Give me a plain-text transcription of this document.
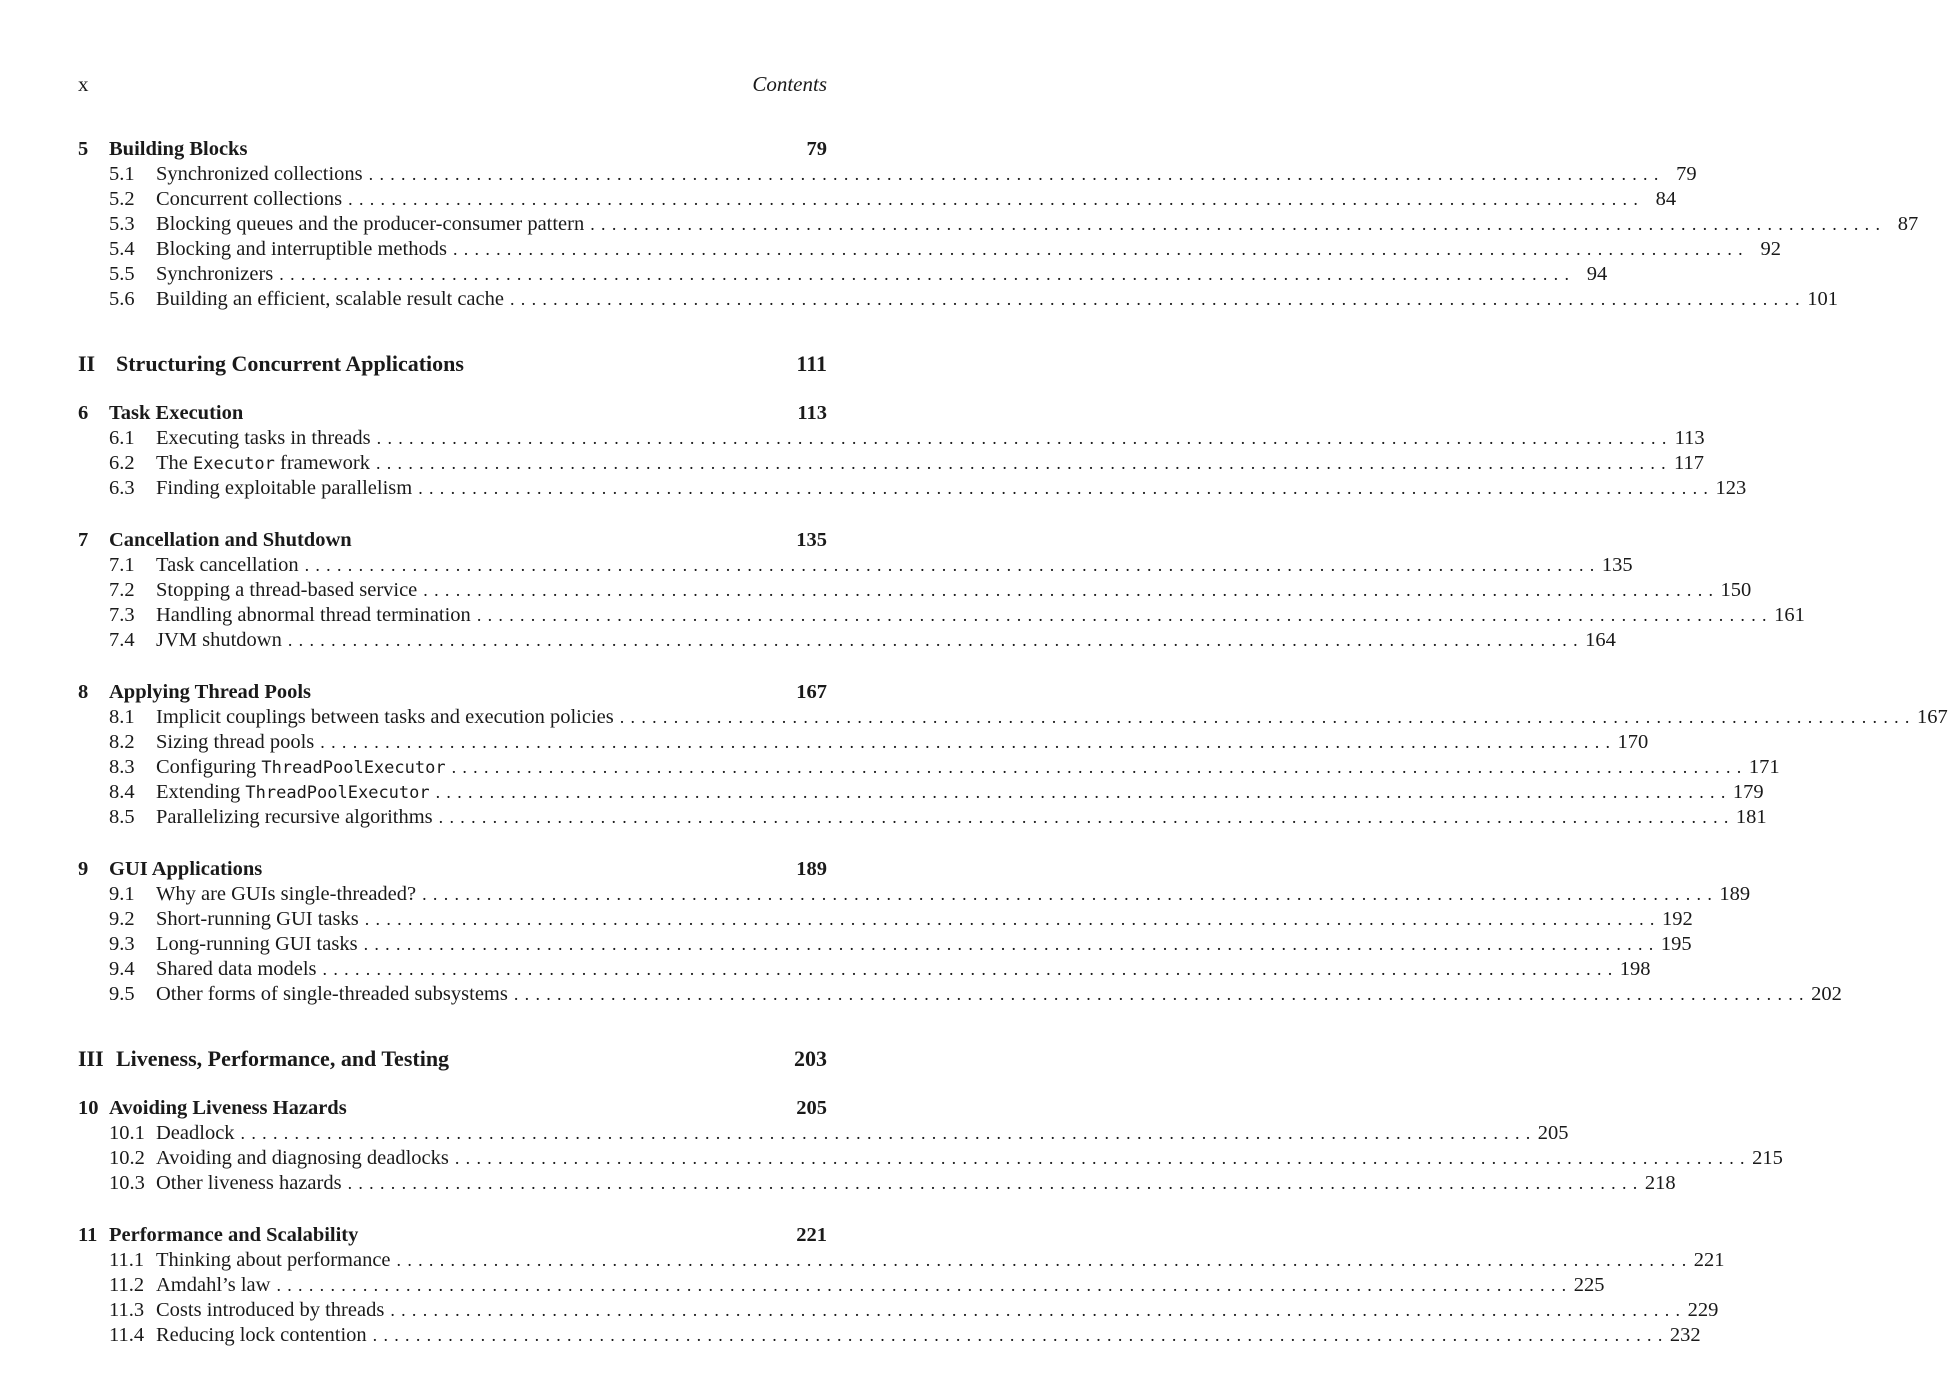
x	Contents
5	Building Blocks	79
5.1	Synchronized collections ........................................................................................................................ 79
5.2	Concurrent collections ........................................................................................................................ 84
5.3	Blocking queues and the producer-consumer pattern ........................................................................................................................ 87
5.4	Blocking and interruptible methods ........................................................................................................................ 92
5.5	Synchronizers ........................................................................................................................ 94
5.6	Building an efficient, scalable result cache ........................................................................................................................ 101
II Structuring Concurrent Applications	111
6	Task Execution	113
6.1	Executing tasks in threads ........................................................................................................................ 113
6.2	The Executor framework ........................................................................................................................ 117
6.3	Finding exploitable parallelism ........................................................................................................................ 123
7	Cancellation and Shutdown	135
7.1	Task cancellation ........................................................................................................................ 135
7.2	Stopping a thread-based service ........................................................................................................................ 150
7.3	Handling abnormal thread termination ........................................................................................................................ 161
7.4	JVM shutdown ........................................................................................................................ 164
8	Applying Thread Pools	167
8.1	Implicit couplings between tasks and execution policies ........................................................................................................................ 167
8.2	Sizing thread pools ........................................................................................................................ 170
8.3	Configuring ThreadPoolExecutor ........................................................................................................................ 171
8.4	Extending ThreadPoolExecutor ........................................................................................................................ 179
8.5	Parallelizing recursive algorithms ........................................................................................................................ 181
9	GUI Applications	189
9.1	Why are GUIs single-threaded? ........................................................................................................................ 189
9.2	Short-running GUI tasks ........................................................................................................................ 192
9.3	Long-running GUI tasks ........................................................................................................................ 195
9.4	Shared data models ........................................................................................................................ 198
9.5	Other forms of single-threaded subsystems ........................................................................................................................ 202
III Liveness, Performance, and Testing	203
10 Avoiding Liveness Hazards	205
10.1 Deadlock ........................................................................................................................ 205
10.2 Avoiding and diagnosing deadlocks ........................................................................................................................ 215
10.3 Other liveness hazards ........................................................................................................................ 218
11 Performance and Scalability	221
11.1 Thinking about performance ........................................................................................................................ 221
11.2 Amdahl’s law ........................................................................................................................ 225
11.3 Costs introduced by threads ........................................................................................................................ 229
11.4 Reducing lock contention ........................................................................................................................ 232
